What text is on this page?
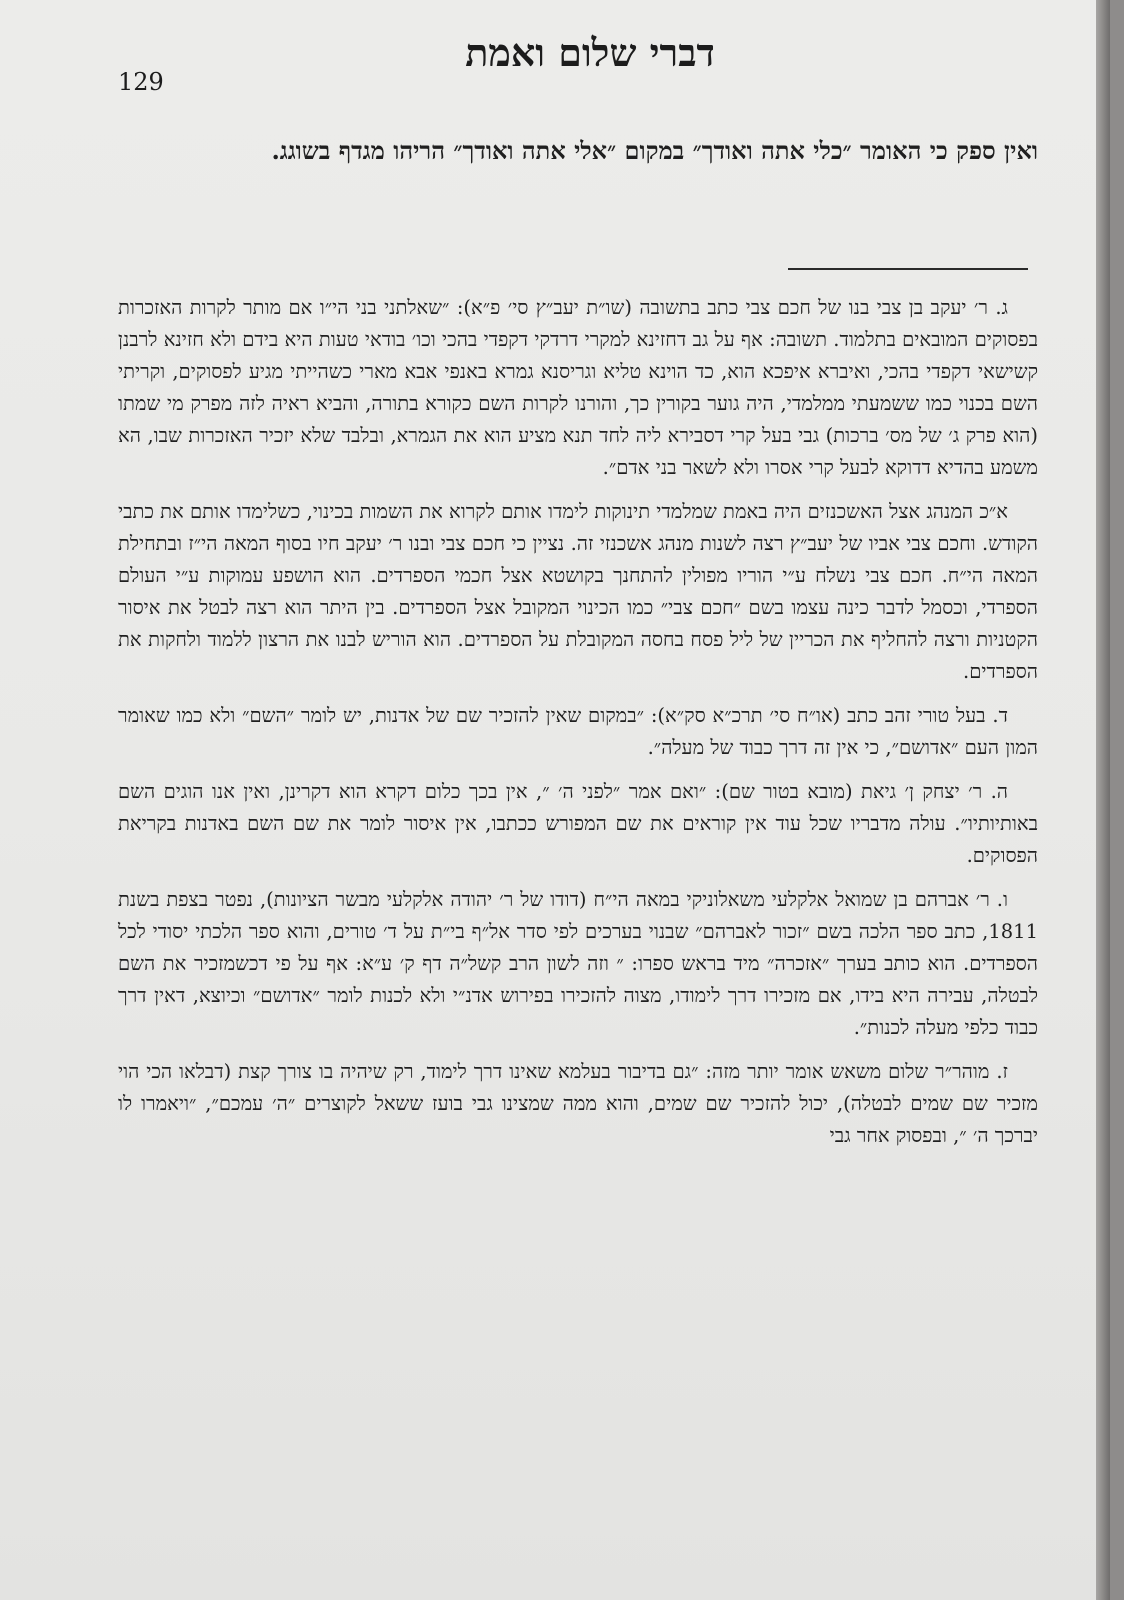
דברי שלום ואמת
129

ואין ספק כי האומר ״כלי אתה ואודך״ במקום ״אלי אתה ואודך״ הריהו מגדף בשוגג.

ג. ר׳ יעקב בן צבי בנו של חכם צבי כתב בתשובה (שו״ת יעב״ץ סי׳ פ״א): ״שאלתני בני הי״ו אם מותר לקרות האזכרות בפסוקים המובאים בתלמוד. תשובה: אף על גב דחזינא למקרי דרדקי דקפדי בהכי וכו׳ בודאי טעות היא בידם ולא חזינא לרבנן קשישאי דקפדי בהכי, ואיברא איפכא הוא, כד הוינא טליא וגריסנא גמרא באנפי אבא מארי כשהייתי מגיע לפסוקים, וקריתי השם בכנוי כמו ששמעתי ממלמדי, היה גוער בקורין כך, והורנו לקרות השם כקורא בתורה, והביא ראיה לזה מפרק מי שמתו (הוא פרק ג׳ של מס׳ ברכות) גבי בעל קרי דסבירא ליה לחד תנא מציע הוא את הגמרא, ובלבד שלא יזכיר האזכרות שבו, הא משמע בהדיא דדוקא לבעל קרי אסרו ולא לשאר בני אדם״.

א״כ המנהג אצל האשכנזים היה באמת שמלמדי תינוקות לימדו אותם לקרוא את השמות בכינוי, כשלימדו אותם את כתבי הקודש. וחכם צבי אביו של יעב״ץ רצה לשנות מנהג אשכנזי זה. נציין כי חכם צבי ובנו ר׳ יעקב חיו בסוף המאה הי״ז ובתחילת המאה הי״ח. חכם צבי נשלח ע״י הוריו מפולין להתחנך בקושטא אצל חכמי הספרדים. הוא הושפע עמוקות ע״י העולם הספרדי, וכסמל לדבר כינה עצמו בשם ״חכם צבי״ כמו הכינוי המקובל אצל הספרדים. בין היתר הוא רצה לבטל את איסור הקטניות ורצה להחליף את הכריין של ליל פסח בחסה המקובלת על הספרדים. הוא הוריש לבנו את הרצון ללמוד ולחקות את הספרדים.

ד. בעל טורי זהב כתב (או״ח סי׳ תרכ״א סק״א): ״במקום שאין להזכיר שם של אדנות, יש לומר ״השם״ ולא כמו שאומר המון העם ״אדושם״, כי אין זה דרך כבוד של מעלה״.

ה. ר׳ יצחק ן׳ גיאת (מובא בטור שם): ״ואם אמר ״לפני ה׳ ״, אין בכך כלום דקרא הוא דקרינן, ואין אנו הוגים השם באותיותיו״. עולה מדבריו שכל עוד אין קוראים את שם המפורש ככתבו, אין איסור לומר את שם השם באדנות בקריאת הפסוקים.

ו. ר׳ אברהם בן שמואל אלקלעי משאלוניקי במאה הי״ח (דודו של ר׳ יהודה אלקלעי מבשר הציונות), נפטר בצפת בשנת 1811, כתב ספר הלכה בשם ״זכור לאברהם״ שבנוי בערכים לפי סדר אל״ף בי״ת על ד׳ טורים, והוא ספר הלכתי יסודי לכל הספרדים. הוא כותב בערך ״אזכרה״ מיד בראש ספרו: ״ וזה לשון הרב קשל״ה דף ק׳ ע״א: אף על פי דכשמזכיר את השם לבטלה, עבירה היא בידו, אם מזכירו דרך לימודו, מצוה להזכירו בפירוש אדנ״י ולא לכנות לומר ״אדושם״ וכיוצא, דאין דרך כבוד כלפי מעלה לכנות״.

ז. מוהר״ר שלום משאש אומר יותר מזה: ״גם בדיבור בעלמא שאינו דרך לימוד, רק שיהיה בו צורך קצת (דבלאו הכי הוי מזכיר שם שמים לבטלה), יכול להזכיר שם שמים, והוא ממה שמצינו גבי בועז ששאל לקוצרים ״ה׳ עמכם״, ״ויאמרו לו יברכך ה׳ ״, ובפסוק אחר גבי
